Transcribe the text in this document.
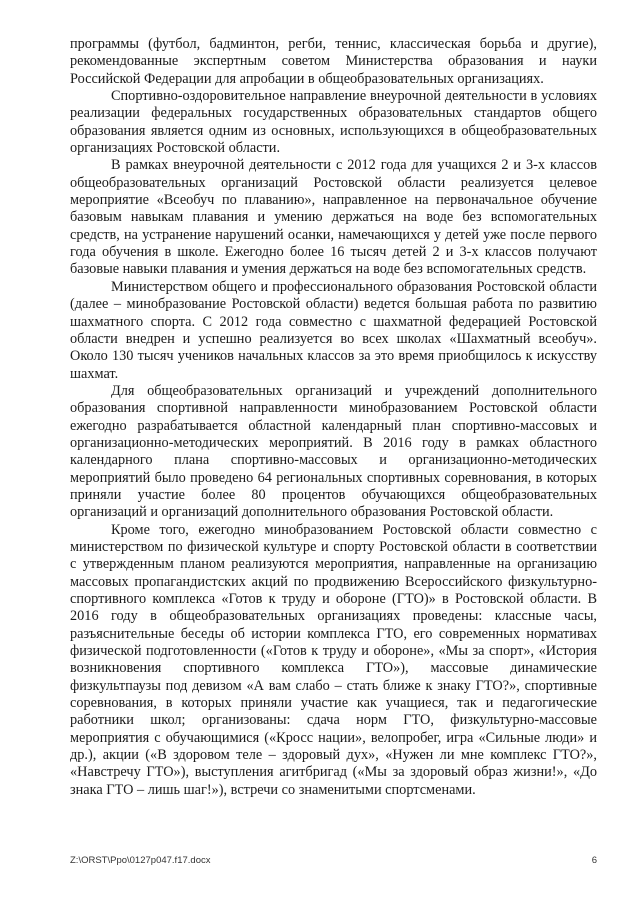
программы (футбол, бадминтон, регби, теннис, классическая борьба и другие), рекомендованные экспертным советом Министерства образования и науки Российской Федерации для апробации в общеобразовательных организациях.

Спортивно-оздоровительное направление внеурочной деятельности в условиях реализации федеральных государственных образовательных стандартов общего образования является одним из основных, использующихся в общеобразовательных организациях Ростовской области.

В рамках внеурочной деятельности с 2012 года для учащихся 2 и 3-х классов общеобразовательных организаций Ростовской области реализуется целевое мероприятие «Всеобуч по плаванию», направленное на первоначальное обучение базовым навыкам плавания и умению держаться на воде без вспомогательных средств, на устранение нарушений осанки, намечающихся у детей уже после первого года обучения в школе. Ежегодно более 16 тысяч детей 2 и 3-х классов получают базовые навыки плавания и умения держаться на воде без вспомогательных средств.

Министерством общего и профессионального образования Ростовской области (далее – минобразование Ростовской области) ведется большая работа по развитию шахматного спорта. С 2012 года совместно с шахматной федерацией Ростовской области внедрен и успешно реализуется во всех школах «Шахматный всеобуч». Около 130 тысяч учеников начальных классов за это время приобщилось к искусству шахмат.

Для общеобразовательных организаций и учреждений дополнительного образования спортивной направленности минобразованием Ростовской области ежегодно разрабатывается областной календарный план спортивно-массовых и организационно-методических мероприятий. В 2016 году в рамках областного календарного плана спортивно-массовых и организационно-методических мероприятий было проведено 64 региональных спортивных соревнования, в которых приняли участие более 80 процентов обучающихся общеобразовательных организаций и организаций дополнительного образования Ростовской области.

Кроме того, ежегодно минобразованием Ростовской области совместно с министерством по физической культуре и спорту Ростовской области в соответствии с утвержденным планом реализуются мероприятия, направленные на организацию массовых пропагандистских акций по продвижению Всероссийского физкультурно-спортивного комплекса «Готов к труду и обороне (ГТО)» в Ростовской области. В 2016 году в общеобразовательных организациях проведены: классные часы, разъяснительные беседы об истории комплекса ГТО, его современных нормативах физической подготовленности («Готов к труду и обороне», «Мы за спорт», «История возникновения спортивного комплекса ГТО»), массовые динамические физкультпаузы под девизом «А вам слабо – стать ближе к знаку ГТО?», спортивные соревнования, в которых приняли участие как учащиеся, так и педагогические работники школ; организованы: сдача норм ГТО, физкультурно-массовые мероприятия с обучающимися («Кросс нации», велопробег, игра «Сильные люди» и др.), акции («В здоровом теле – здоровый дух», «Нужен ли мне комплекс ГТО?», «Навстречу ГТО»), выступления агитбригад («Мы за здоровый образ жизни!», «До знака ГТО – лишь шаг!»), встречи со знаменитыми спортсменами.

Z:\ORST\Ppo\0127p047.f17.docx	6
